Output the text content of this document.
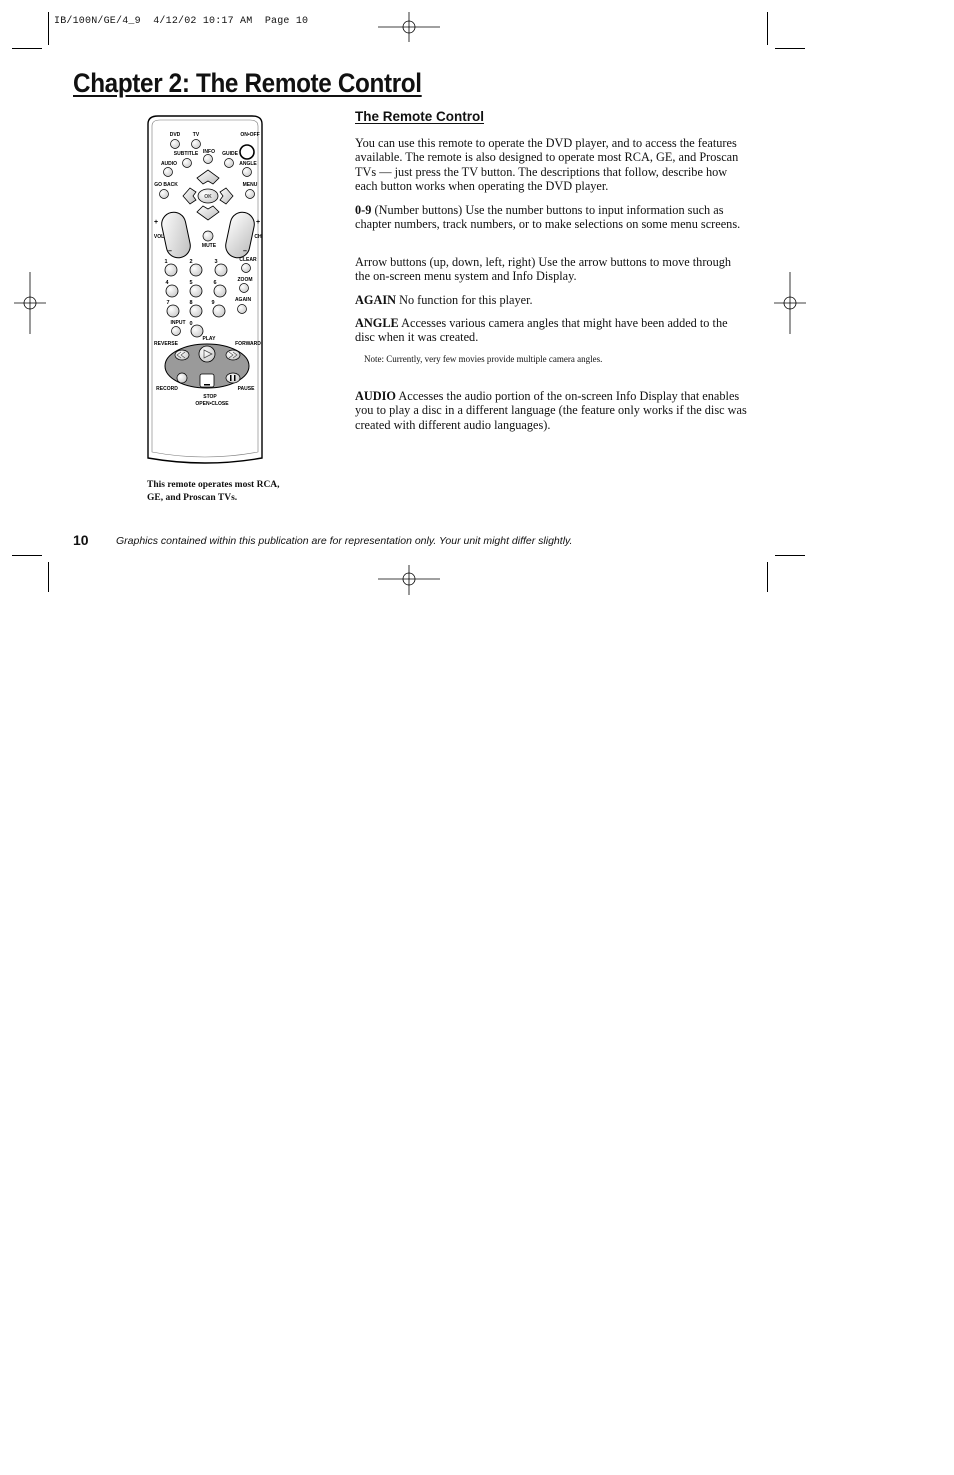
IB/100N/GE/4_9  4/12/02 10:17 AM  Page 10
Chapter 2: The Remote Control
DVD	TV	ON•OFF
SUBTITLE INFO GUIDE
AUDIO	ANGLE
GO BACK	MENU
OK
+	+
VOL	CH
–	–
MUTE
CLEAR
ZOOM
AGAIN
1	2	3
4	5	6
7	8	9
INPUT 0
PLAY
REVERSE	FORWARD
RECORD	PAUSE
STOP
OPEN•CLOSE
This remote operates most RCA, GE, and Proscan TVs.
The Remote Control

You can use this remote to operate the DVD player, and to access the features available. The remote is also designed to operate most RCA, GE, and Proscan TVs — just press the TV button. The descriptions that follow, describe how each button works when operating the DVD player.

0-9 (Number buttons) Use the number buttons to input information such as chapter numbers, track numbers, or to make selections on some menu screens.

Arrow buttons (up, down, left, right) Use the arrow buttons to move through the on-screen menu system and Info Display.

AGAIN No function for this player.

ANGLE Accesses various camera angles that might have been added to the disc when it was created.

Note: Currently, very few movies provide multiple camera angles.

AUDIO Accesses the audio portion of the on-screen Info Display that enables you to play a disc in a different language (the feature only works if the disc was created with different audio languages).

10	Graphics contained within this publication are for representation only. Your unit might differ slightly.
